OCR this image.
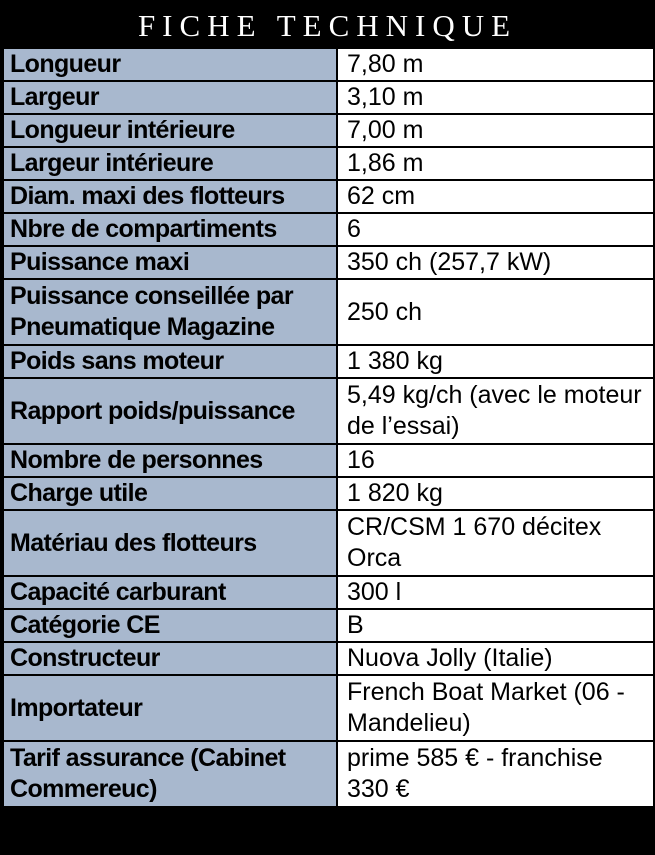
FICHE TECHNIQUE
Longueur	7,80 m
Largeur	3,10 m
Longueur intérieure	7,00 m
Largeur intérieure	1,86 m
Diam. maxi des flotteurs	62 cm
Nbre de compartiments	6
Puissance maxi	350 ch (257,7 kW)
Puissance conseillée par Pneumatique Magazine	250 ch
Poids sans moteur	1 380 kg
Rapport poids/puissance	5,49 kg/ch (avec le moteur de l’essai)
Nombre de personnes	16
Charge utile	1 820 kg
Matériau des flotteurs	CR/CSM 1 670 décitex Orca
Capacité carburant	300 l
Catégorie CE	B
Constructeur	Nuova Jolly (Italie)
Importateur	French Boat Market (06 - Mandelieu)
Tarif assurance (Cabinet Commereuc)	prime 585 € - franchise 330 €
